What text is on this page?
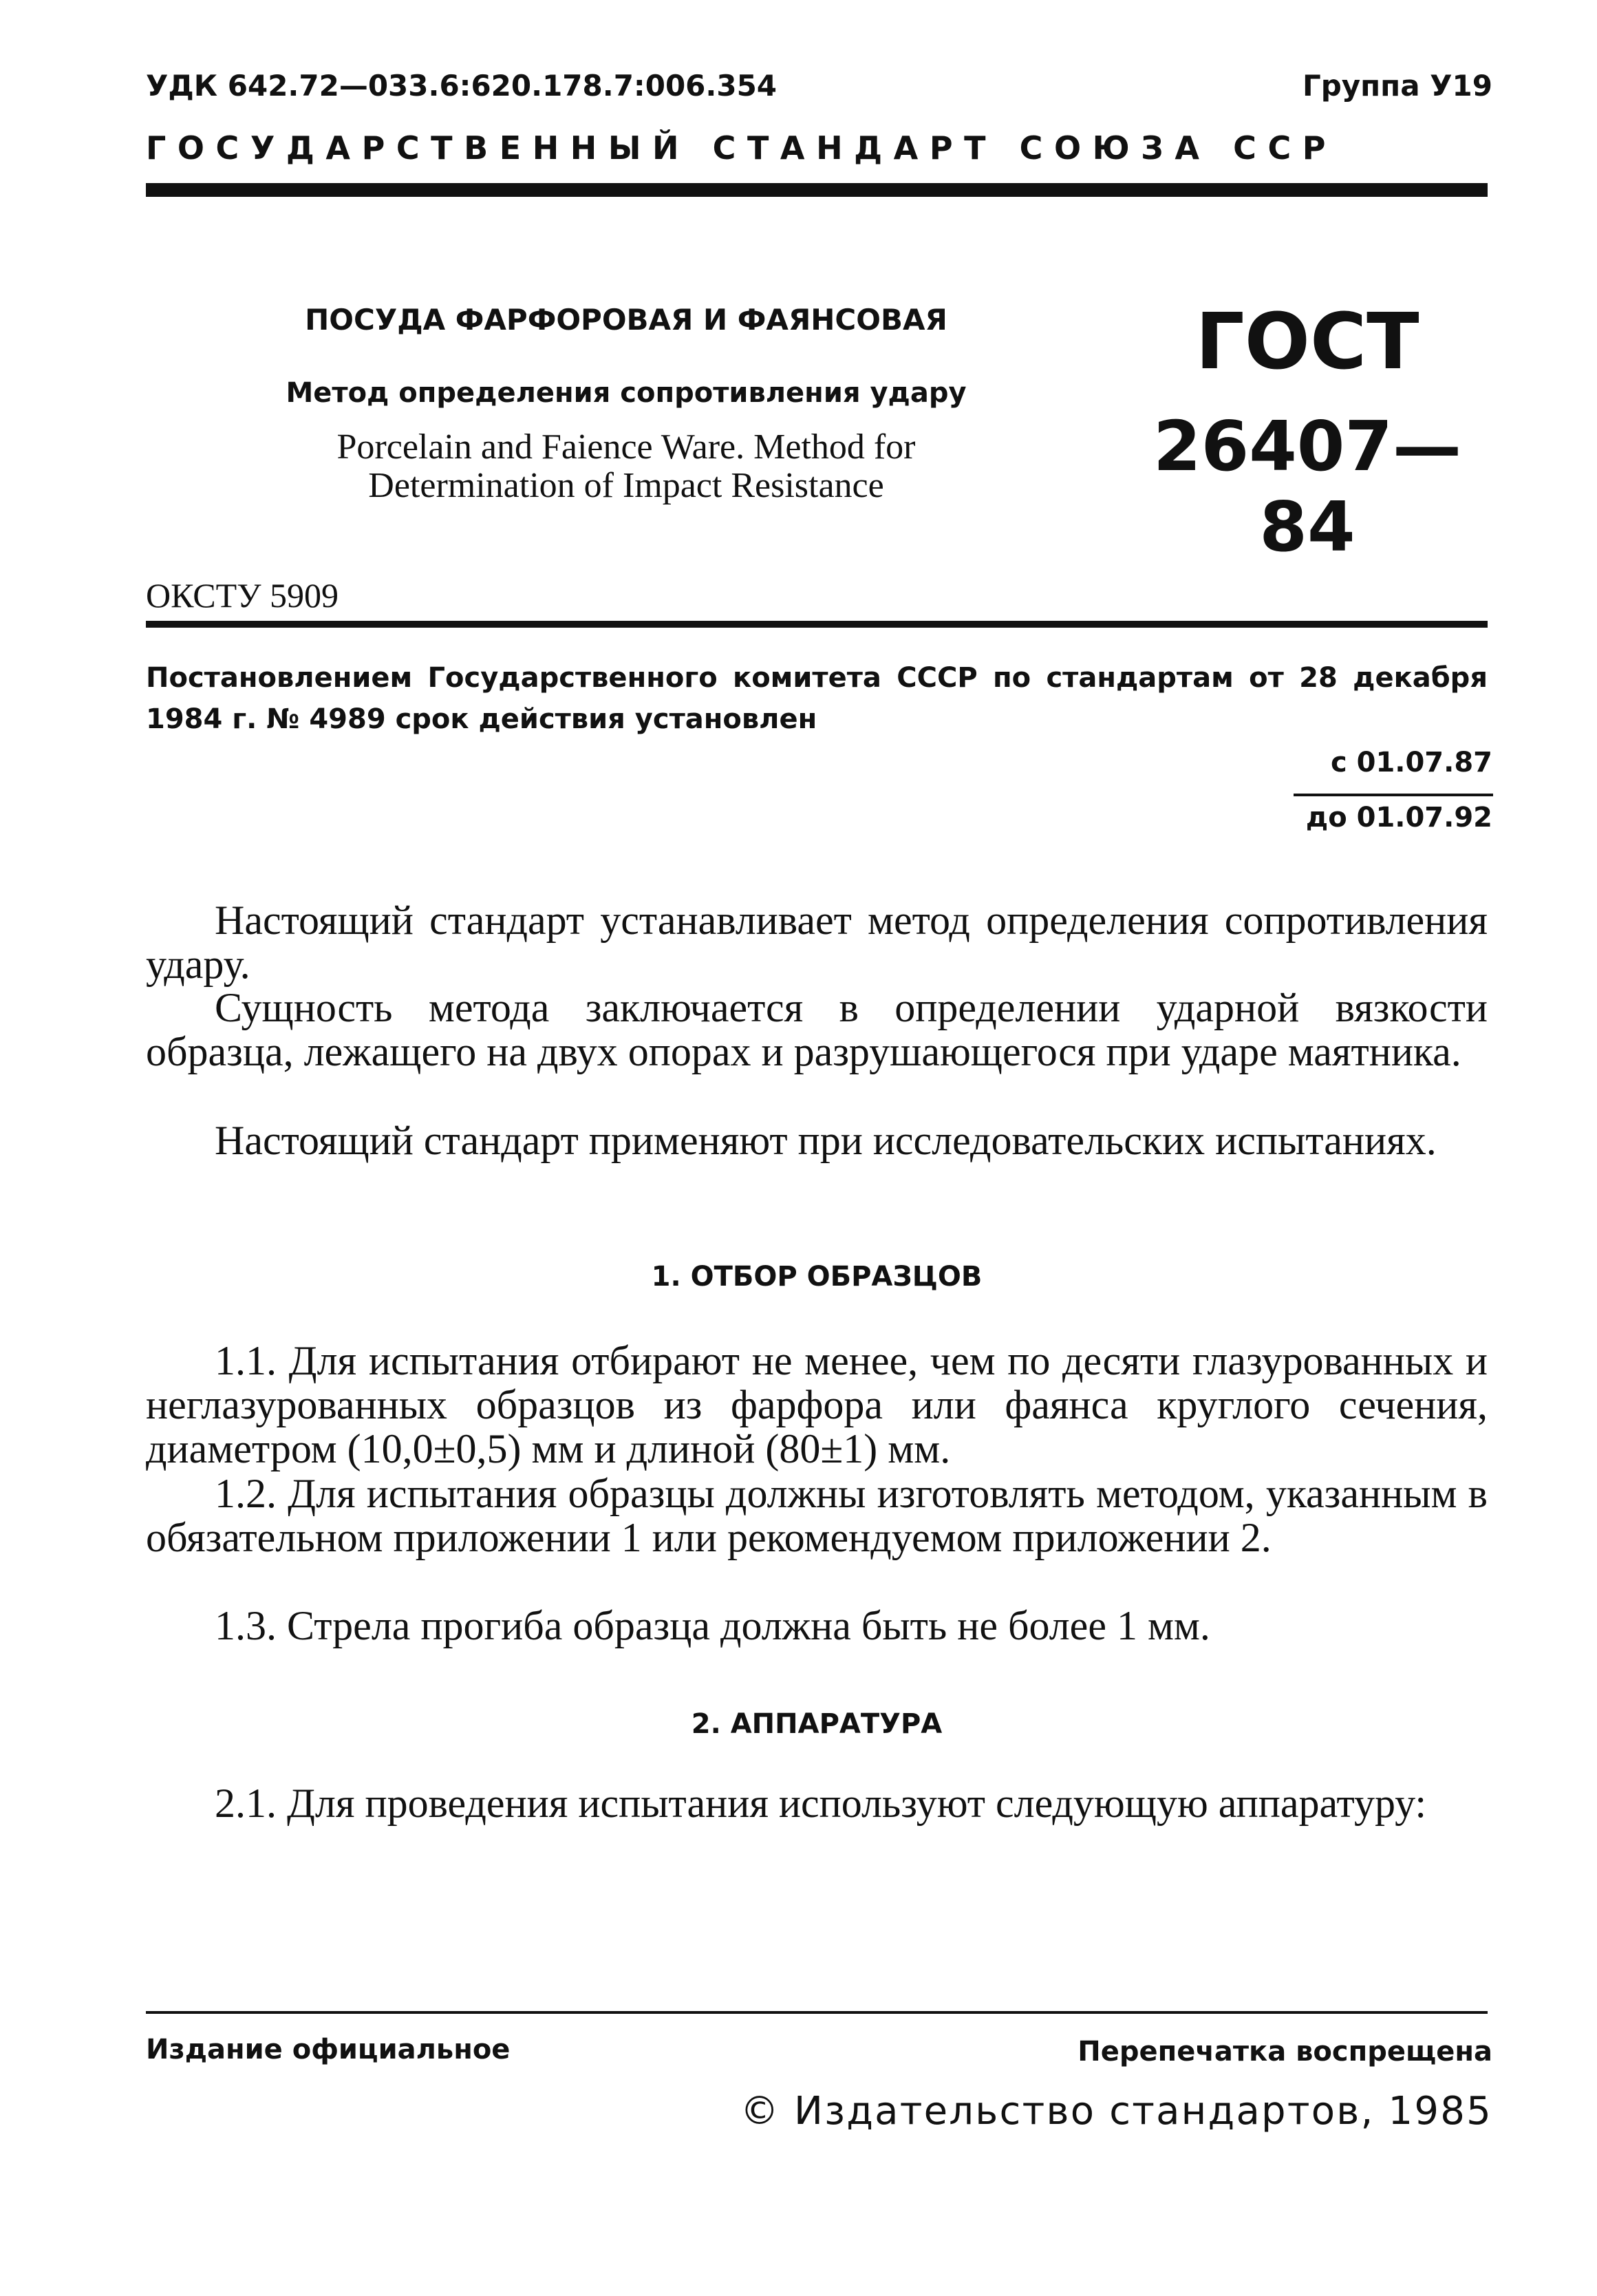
УДК 642.72—033.6:620.178.7:006.354	Группа У19
ГОСУДАРСТВЕННЫЙ СТАНДАРТ СОЮЗА ССР
ПОСУДА ФАРФОРОВАЯ И ФАЯНСОВАЯ
Метод определения сопротивления удару
Porcelain and Faience Ware. Method for Determination of Impact Resistance
ГОСТ
26407—84
ОКСТУ 5909

Постановлением Государственного комитета СССР по стандартам от 28 декабря 1984 г. № 4989 срок действия установлен

с 01.07.87
до 01.07.92

Настоящий стандарт устанавливает метод определения сопротивления удару.

Сущность метода заключается в определении ударной вязкости образца, лежащего на двух опорах и разрушающегося при ударе маятника.

Настоящий стандарт применяют при исследовательских испытаниях.

1. ОТБОР ОБРАЗЦОВ

1.1. Для испытания отбирают не менее, чем по десяти глазурованных и неглазурованных образцов из фарфора или фаянса круглого сечения, диаметром (10,0±0,5) мм и длиной (80±1) мм.

1.2. Для испытания образцы должны изготовлять методом, указанным в обязательном приложении 1 или рекомендуемом приложении 2.

1.3. Стрела прогиба образца должна быть не более 1 мм.

2. АППАРАТУРА

2.1. Для проведения испытания используют следующую аппаратуру:

Издание официальное	Перепечатка воспрещена
© Издательство стандартов, 1985
